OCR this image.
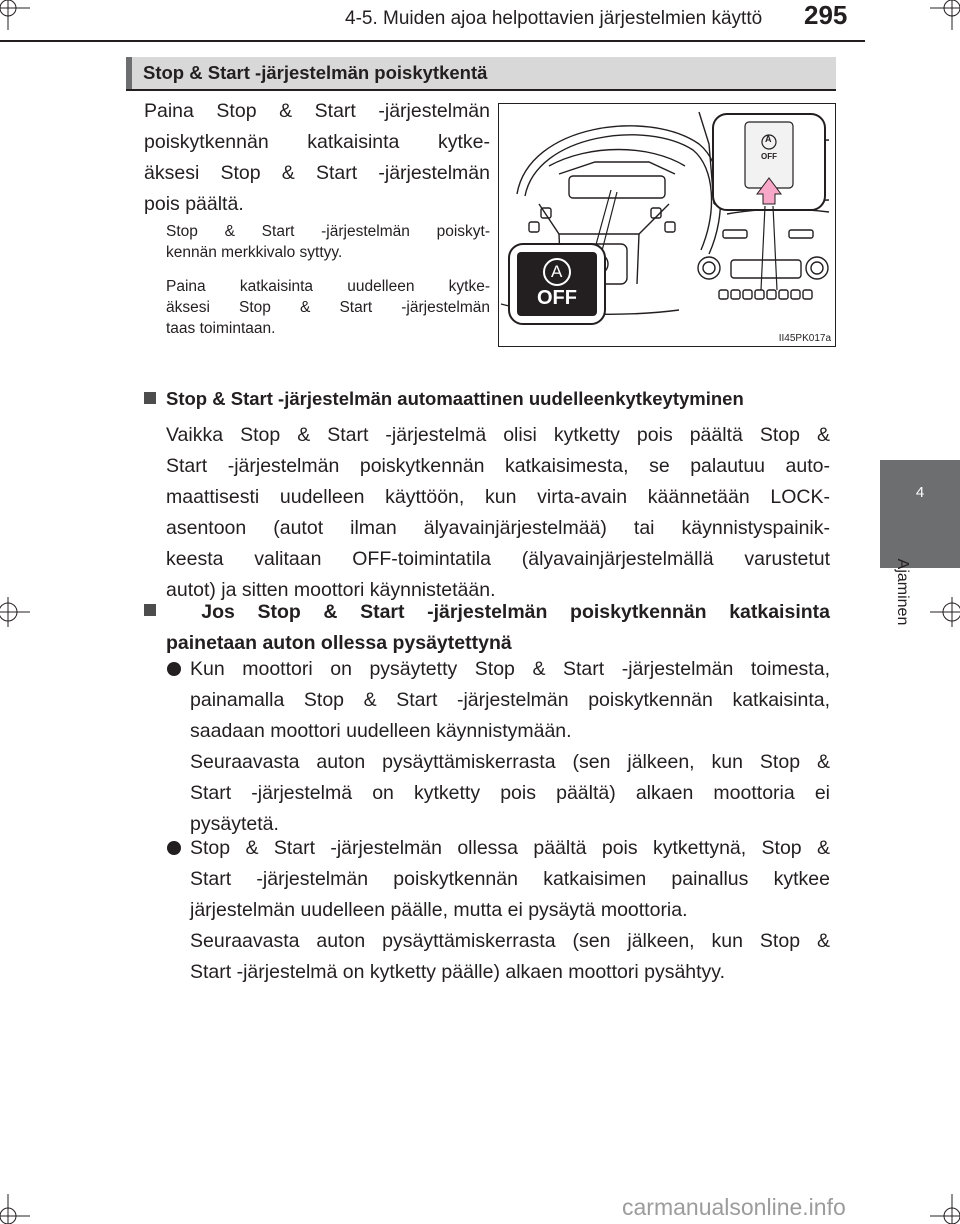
4-5. Muiden ajoa helpottavien järjestelmien käyttö 295
4
Ajaminen
Stop & Start -järjestelmän poiskytkentä
Paina Stop & Start -järjestelmän
poiskytkennän katkaisinta kytke-
äksesi Stop & Start -järjestelmän
pois päältä.
Stop & Start -järjestelmän poiskyt-
kennän merkkivalo syttyy.
Paina katkaisinta uudelleen kytke-
äksesi Stop & Start -järjestelmän
taas toimintaan.
A
OFF
A
OFF
II45PK017a
Stop & Start -järjestelmän automaattinen uudelleenkytkeytyminen
Vaikka Stop & Start -järjestelmä olisi kytketty pois päältä Stop &
Start -järjestelmän poiskytkennän katkaisimesta, se palautuu auto-
maattisesti uudelleen käyttöön, kun virta-avain käännetään LOCK-
asentoon (autot ilman älyavainjärjestelmää) tai käynnistyspainik-
keesta valitaan OFF-toimintatila (älyavainjärjestelmällä varustetut
autot) ja sitten moottori käynnistetään.
Jos Stop & Start -järjestelmän poiskytkennän katkaisinta
painetaan auton ollessa pysäytettynä
Kun moottori on pysäytetty Stop & Start -järjestelmän toimesta,
painamalla Stop & Start -järjestelmän poiskytkennän katkaisinta,
saadaan moottori uudelleen käynnistymään.
Seuraavasta auton pysäyttämiskerrasta (sen jälkeen, kun Stop &
Start -järjestelmä on kytketty pois päältä) alkaen moottoria ei
pysäytetä.
Stop & Start -järjestelmän ollessa päältä pois kytkettynä, Stop &
Start -järjestelmän poiskytkennän katkaisimen painallus kytkee
järjestelmän uudelleen päälle, mutta ei pysäytä moottoria.
Seuraavasta auton pysäyttämiskerrasta (sen jälkeen, kun Stop &
Start -järjestelmä on kytketty päälle) alkaen moottori pysähtyy.
carmanualsonline.info
